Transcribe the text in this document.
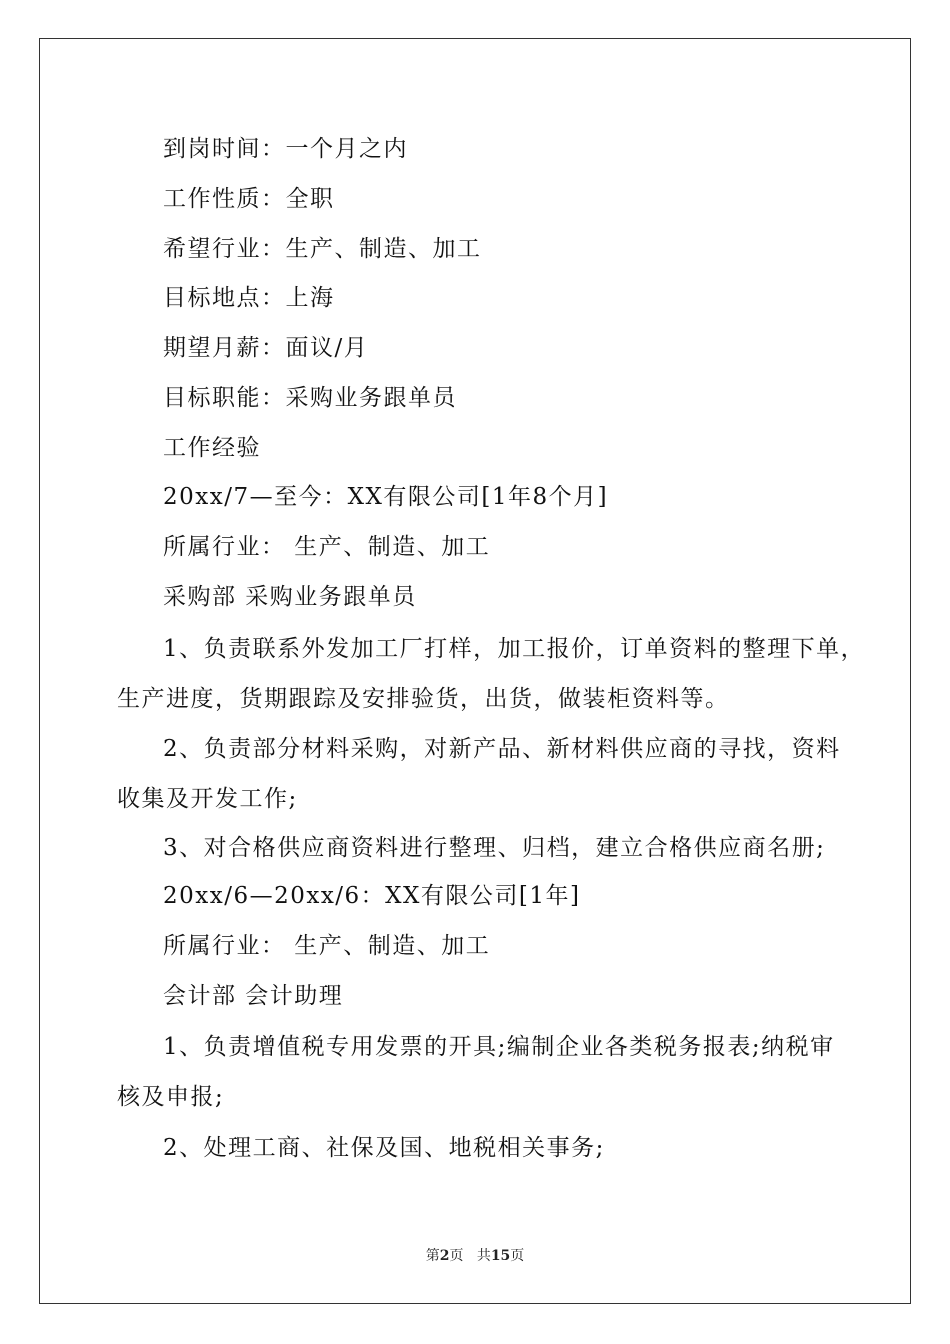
到岗时间：一个月之内
工作性质：全职
希望行业：生产、制造、加工
目标地点：上海
期望月薪：面议/月
目标职能：采购业务跟单员
工作经验
20xx/7—至今：XX有限公司[1年8个月]
所属行业： 生产、制造、加工
采购部 采购业务跟单员
1、负责联系外发加工厂打样，加工报价，订单资料的整理下单，
生产进度，货期跟踪及安排验货，出货，做装柜资料等。
2、负责部分材料采购，对新产品、新材料供应商的寻找，资料
收集及开发工作;
3、对合格供应商资料进行整理、归档，建立合格供应商名册;
20xx/6—20xx/6：XX有限公司[1年]
所属行业： 生产、制造、加工
会计部 会计助理
1、负责增值税专用发票的开具;编制企业各类税务报表;纳税审
核及申报;
2、处理工商、社保及国、地税相关事务;
第2页 共15页
